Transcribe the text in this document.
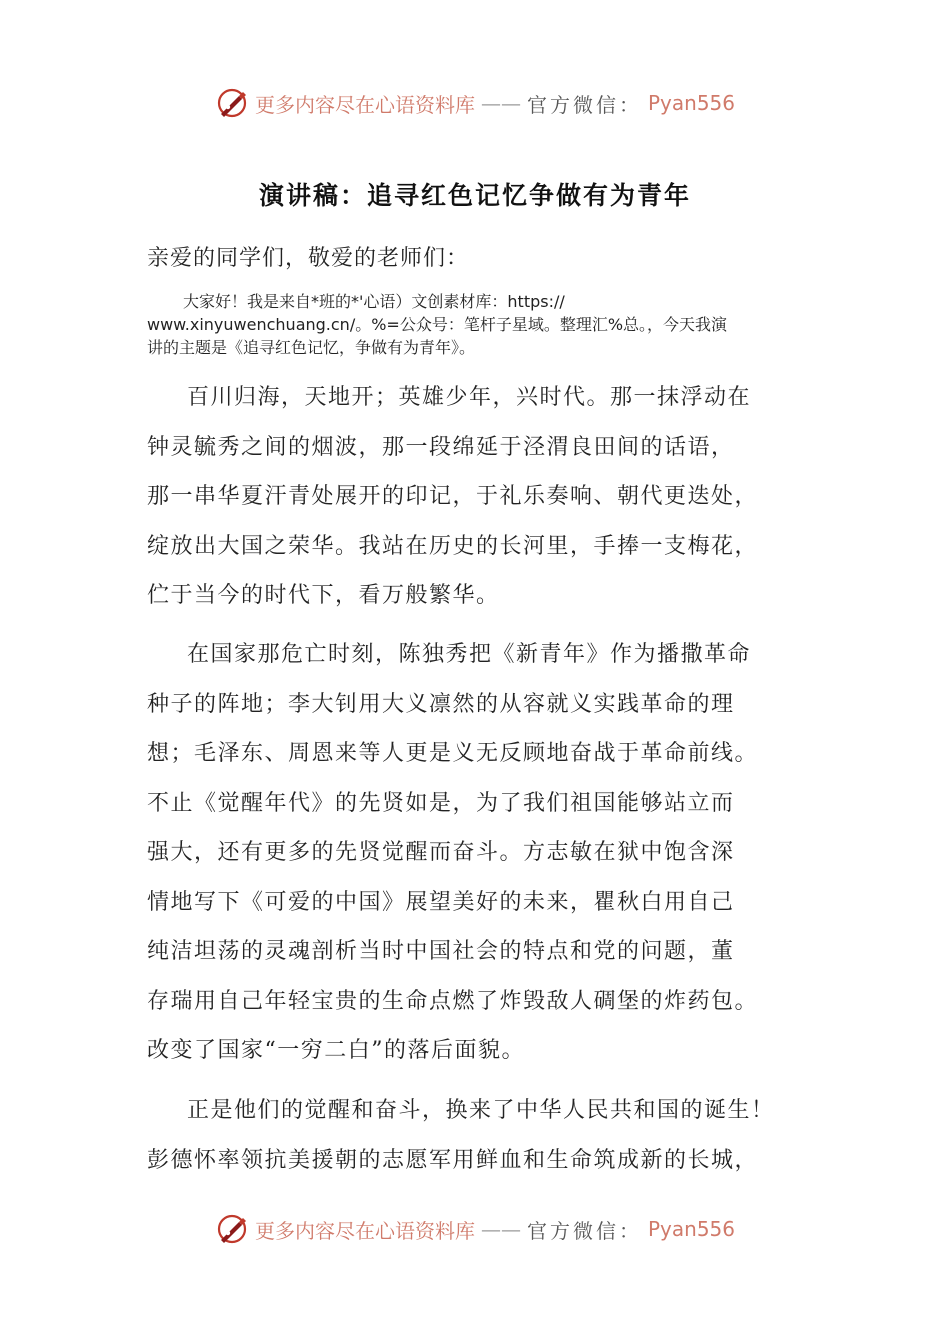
更多内容尽在心语资料库 —— 官方微信： Pyan556
演讲稿：追寻红色记忆争做有为青年
亲爱的同学们，敬爱的老师们：
大家好！我是来自*班的*'心语）文创素材库：https://
www.xinyuwenchuang.cn/。%=公众号：笔杆子星域。整理汇%总。，今天我演
讲的主题是《追寻红色记忆，争做有为青年》。
百川归海，天地开；英雄少年，兴时代。那一抹浮动在
钟灵毓秀之间的烟波，那一段绵延于泾渭良田间的话语，
那一串华夏汗青处展开的印记，于礼乐奏响、朝代更迭处，
绽放出大国之荣华。我站在历史的长河里，手捧一支梅花，
伫于当今的时代下，看万般繁华。
在国家那危亡时刻，陈独秀把《新青年》作为播撒革命
种子的阵地；李大钊用大义凛然的从容就义实践革命的理
想；毛泽东、周恩来等人更是义无反顾地奋战于革命前线。
不止《觉醒年代》的先贤如是，为了我们祖国能够站立而
强大，还有更多的先贤觉醒而奋斗。方志敏在狱中饱含深
情地写下《可爱的中国》展望美好的未来，瞿秋白用自己
纯洁坦荡的灵魂剖析当时中国社会的特点和党的问题，董
存瑞用自己年轻宝贵的生命点燃了炸毁敌人碉堡的炸药包。
改变了国家“一穷二白”的落后面貌。
正是他们的觉醒和奋斗，换来了中华人民共和国的诞生！
彭德怀率领抗美援朝的志愿军用鲜血和生命筑成新的长城，
更多内容尽在心语资料库 —— 官方微信： Pyan556
